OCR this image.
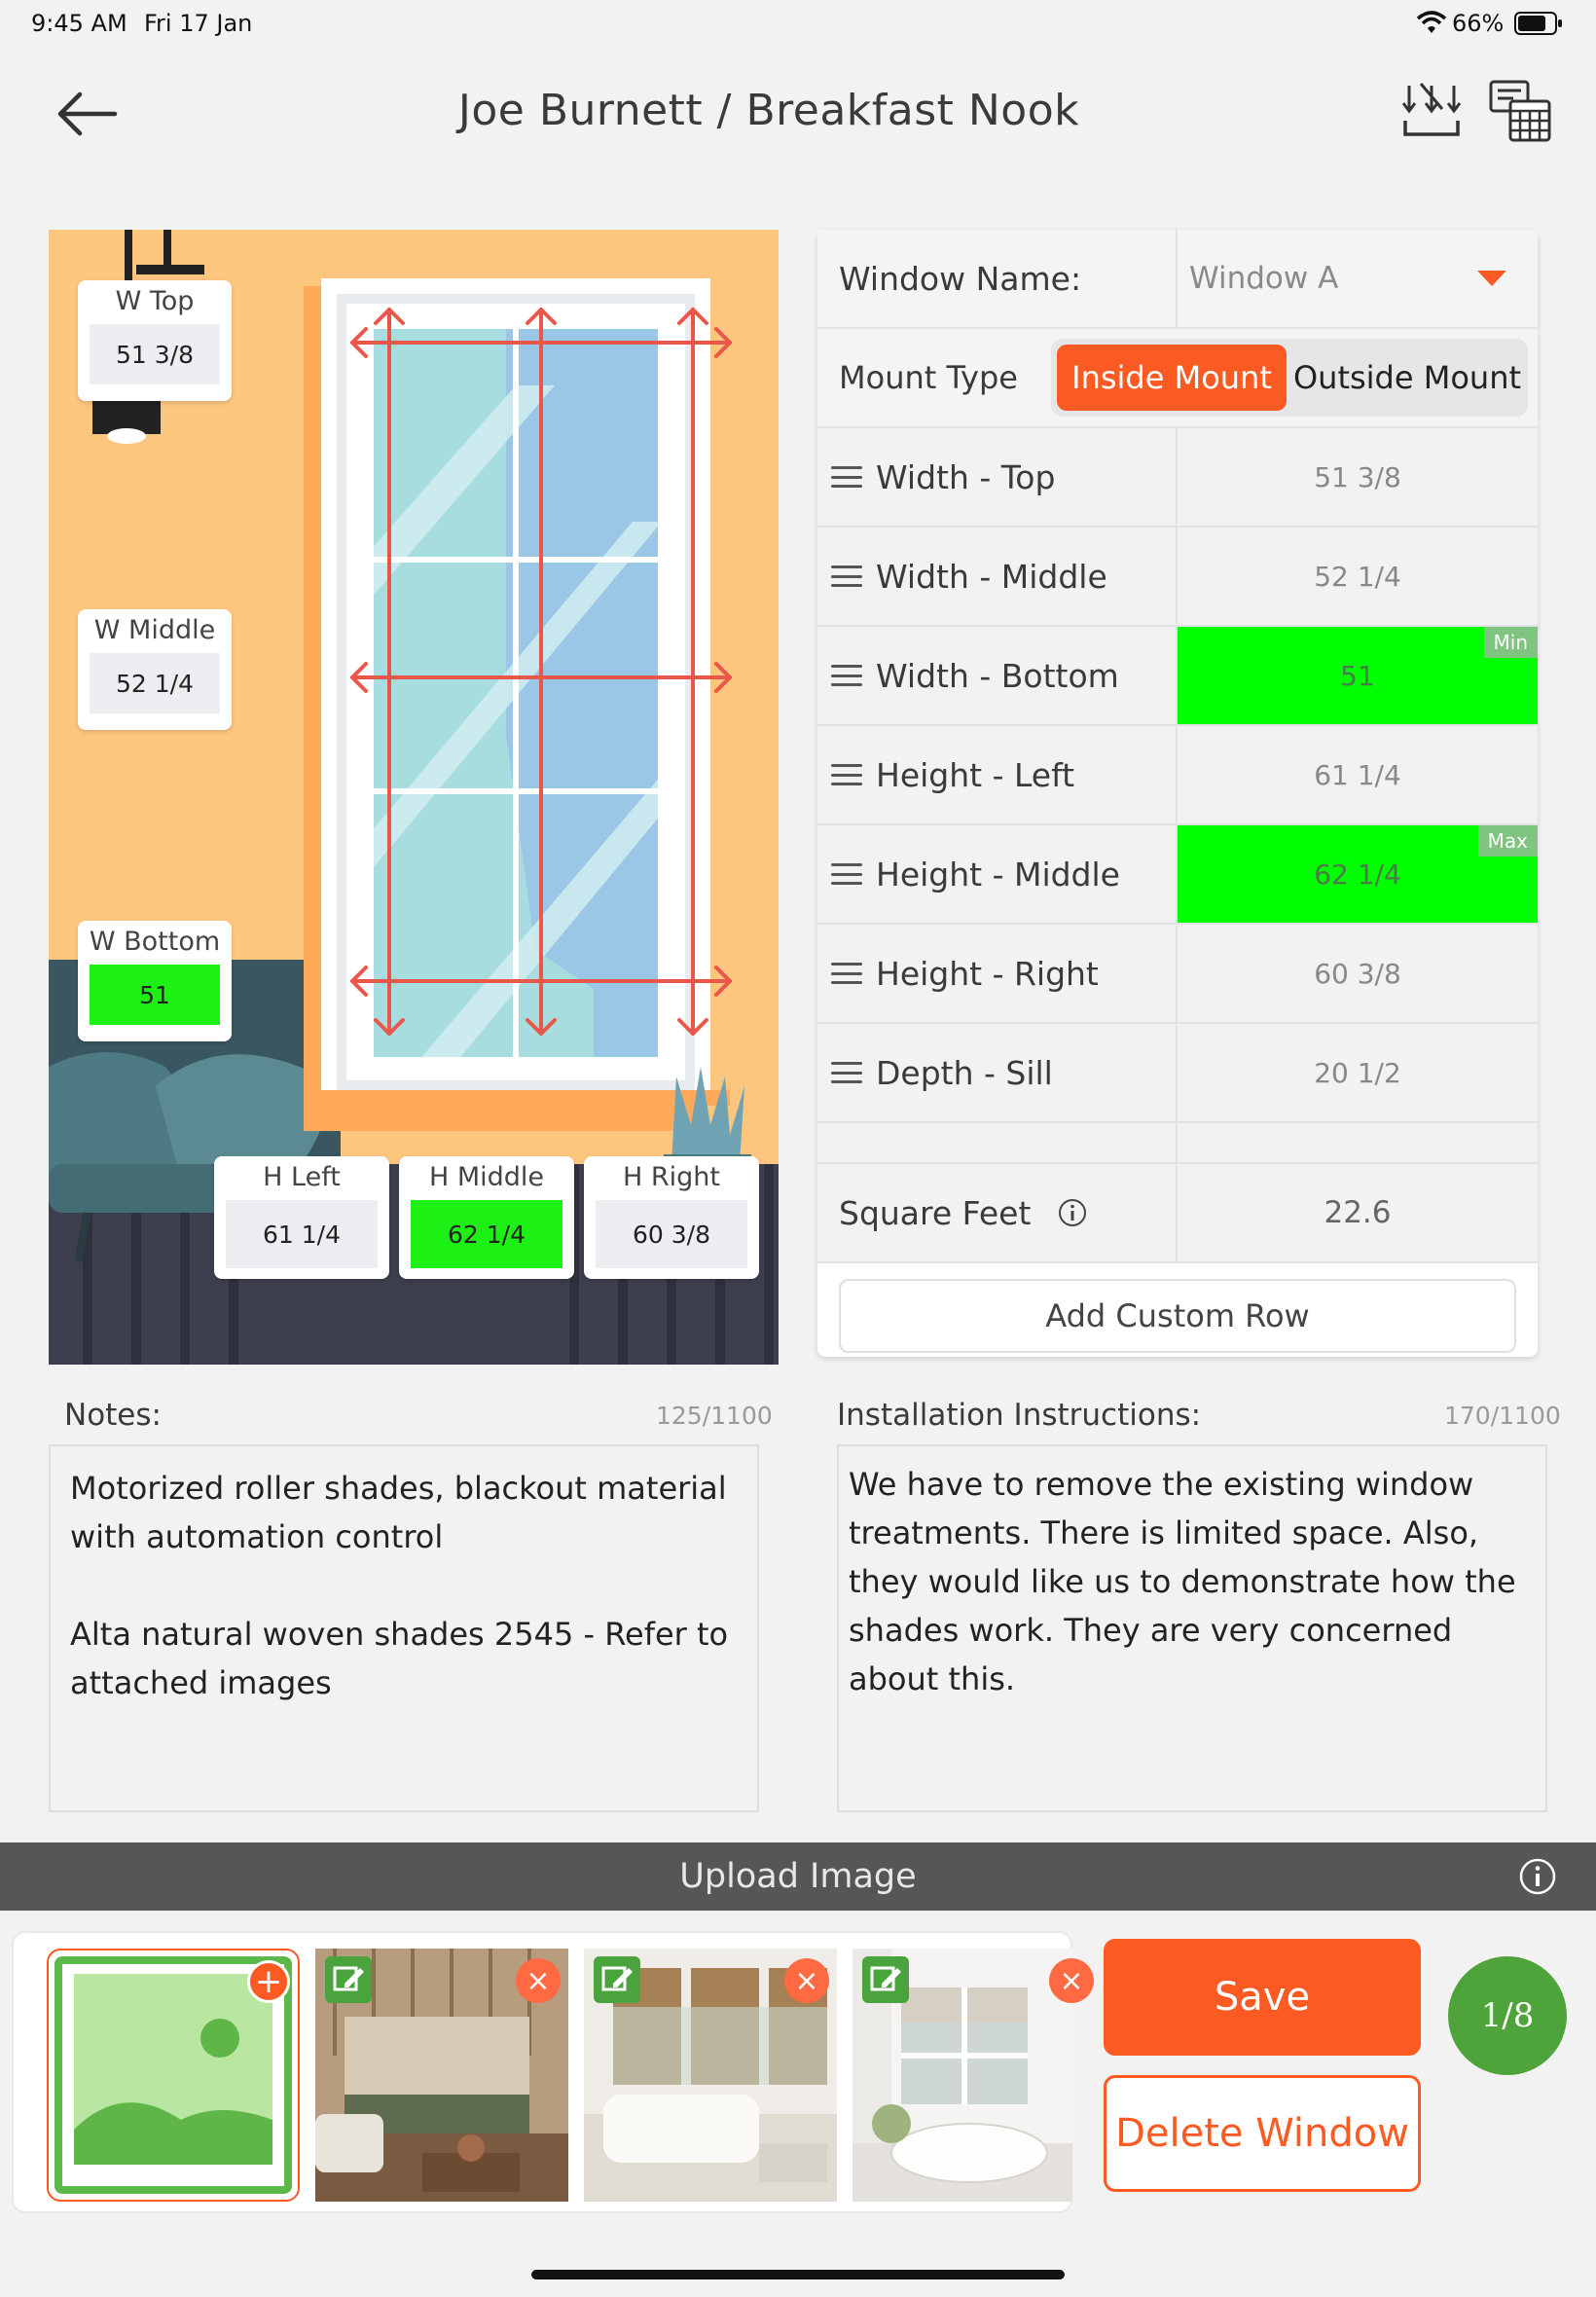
9:45 AM Fri 17 Jan	66%
Joe Burnett / Breakfast Nook
W Top
51 3/8
W Middle
52 1/4
W Bottom
51
H Left
61 1/4
H Middle
62 1/4
H Right
60 3/8
Window Name:	Window A
Mount Type	Inside Mount Outside Mount
Width - Top	51 3/8
Width - Middle	52 1/4
Width - Bottom	51
Min
Height - Left	61 1/4
Height - Middle	62 1/4
Max
Height - Right	60 3/8
Depth - Sill	20 1/2
Square Feet	22.6
Add Custom Row
Notes:	125/1100
Motorized roller shades, blackout material with automation control

Alta natural woven shades 2545 - Refer to attached images
Installation Instructions:	170/1100
We have to remove the existing window treatments. There is limited space. Also, they would like us to demonstrate how the shades work. They are very concerned about this.
Upload Image
+	×	×	×	Save
Delete Window
1/8
